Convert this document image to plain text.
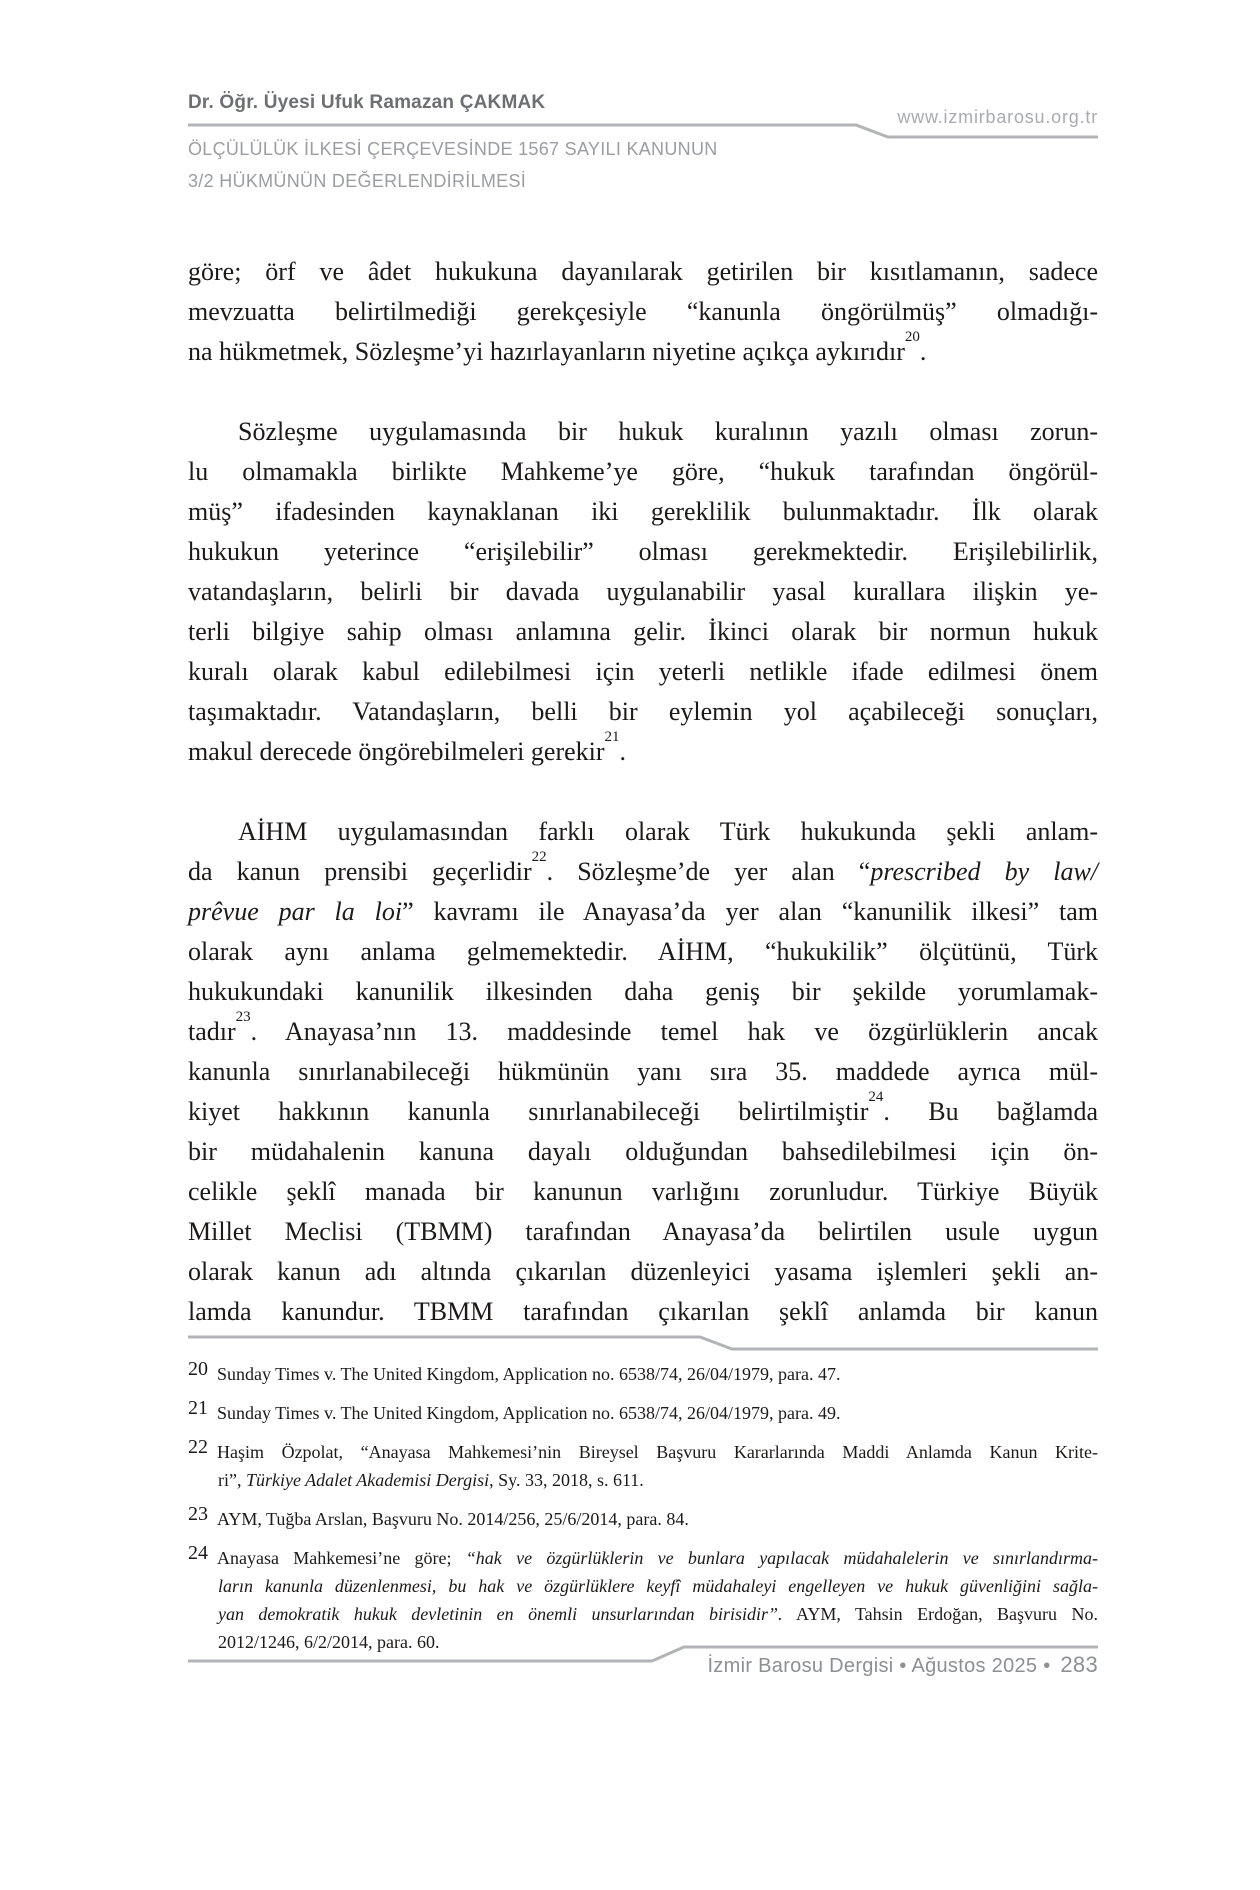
Dr. Öğr. Üyesi Ufuk Ramazan ÇAKMAK
www.izmirbarosu.org.tr
ÖLÇÜLÜLÜK İLKESİ ÇERÇEVESİNDE 1567 SAYILI KANUNUN
3/2 HÜKMÜNÜN DEĞERLENDİRİLMESİ
göre; örf ve âdet hukukuna dayanılarak getirilen bir kısıtlamanın, sadece
mevzuatta belirtilmediği gerekçesiyle “kanunla öngörülmüş” olmadığı-
na hükmetmek, Sözleşme’yi hazırlayanların niyetine açıkça aykırıdır$^{20}$.
Sözleşme uygulamasında bir hukuk kuralının yazılı olması zorun-
lu olmamakla birlikte Mahkeme’ye göre, “hukuk tarafından öngörül-
müş” ifadesinden kaynaklanan iki gereklilik bulunmaktadır. İlk olarak
hukukun yeterince “erişilebilir” olması gerekmektedir. Erişilebilirlik,
vatandaşların, belirli bir davada uygulanabilir yasal kurallara ilişkin ye-
terli bilgiye sahip olması anlamına gelir. İkinci olarak bir normun hukuk
kuralı olarak kabul edilebilmesi için yeterli netlikle ifade edilmesi önem
taşımaktadır. Vatandaşların, belli bir eylemin yol açabileceği sonuçları,
makul derecede öngörebilmeleri gerekir$^{21}$.
AİHM uygulamasından farklı olarak Türk hukukunda şekli anlam-
da kanun prensibi geçerlidir$^{22}$. Sözleşme’de yer alan “prescribed by law/
prêvue par la loi” kavramı ile Anayasa’da yer alan “kanunilik ilkesi” tam
olarak aynı anlama gelmemektedir. AİHM, “hukukilik” ölçütünü, Türk
hukukundaki kanunilik ilkesinden daha geniş bir şekilde yorumlamak-
tadır$^{23}$. Anayasa’nın 13. maddesinde temel hak ve özgürlüklerin ancak
kanunla sınırlanabileceği hükmünün yanı sıra 35. maddede ayrıca mül-
kiyet hakkının kanunla sınırlanabileceği belirtilmiştir$^{24}$. Bu bağlamda
bir müdahalenin kanuna dayalı olduğundan bahsedilebilmesi için ön-
celikle şeklî manada bir kanunun varlığını zorunludur. Türkiye Büyük
Millet Meclisi (TBMM) tarafından Anayasa’da belirtilen usule uygun
olarak kanun adı altında çıkarılan düzenleyici yasama işlemleri şekli an-
lamda kanundur. TBMM tarafından çıkarılan şeklî anlamda bir kanun
20 Sunday Times v. The United Kingdom, Application no. 6538/74, 26/04/1979, para. 47.
21 Sunday Times v. The United Kingdom, Application no. 6538/74, 26/04/1979, para. 49.
22 Haşim Özpolat, “Anayasa Mahkemesi’nin Bireysel Başvuru Kararlarında Maddi Anlamda Kanun Krite-
ri”, Türkiye Adalet Akademisi Dergisi, Sy. 33, 2018, s. 611.
23 AYM, Tuğba Arslan, Başvuru No. 2014/256, 25/6/2014, para. 84.
24 Anayasa Mahkemesi’ne göre; “hak ve özgürlüklerin ve bunlara yapılacak müdahalelerin ve sınırlandırma-
ların kanunla düzenlenmesi, bu hak ve özgürlüklere keyfî müdahaleyi engelleyen ve hukuk güvenliğini sağla-
yan demokratik hukuk devletinin en önemli unsurlarından birisidir”. AYM, Tahsin Erdoğan, Başvuru No.
2012/1246, 6/2/2014, para. 60.
İzmir Barosu Dergisi • Ağustos 2025 • 283
